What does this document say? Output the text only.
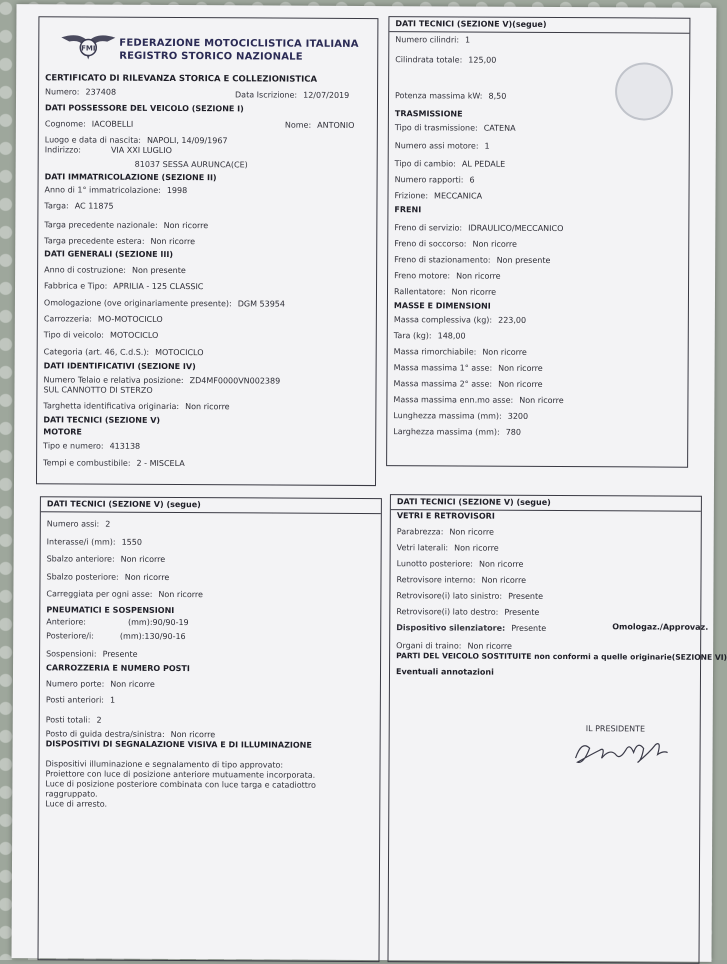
FMI FEDERAZIONE MOTOCICLISTICA ITALIANA
REGISTRO STORICO NAZIONALE
CERTIFICATO DI RILEVANZA STORICA E COLLEZIONISTICA
Numero: 237408	Data Iscrizione: 12/07/2019
DATI POSSESSORE DEL VEICOLO (SEZIONE I)
Cognome: IACOBELLI	Nome: ANTONIO
Luogo e data di nascita: NAPOLI, 14/09/1967
Indirizzo:	VIA XXI LUGLIO
81037 SESSA AURUNCA(CE)
DATI IMMATRICOLAZIONE (SEZIONE II)
Anno di 1° immatricolazione: 1998
Targa: AC 11875
Targa precedente nazionale: Non ricorre
Targa precedente estera: Non ricorre
DATI GENERALI (SEZIONE III)
Anno di costruzione: Non presente
Fabbrica e Tipo: APRILIA - 125 CLASSIC
Omologazione (ove originariamente presente): DGM 53954
Carrozzeria: MO-MOTOCICLO
Tipo di veicolo: MOTOCICLO
Categoria (art. 46, C.d.S.): MOTOCICLO
DATI IDENTIFICATIVI (SEZIONE IV)
Numero Telaio e relativa posizione: ZD4MF0000VN002389
SUL CANNOTTO DI STERZO
Targhetta identificativa originaria: Non ricorre
DATI TECNICI (SEZIONE V)
MOTORE
Tipo e numero: 413138
Tempi e combustibile: 2 - MISCELA
DATI TECNICI (SEZIONE V)(segue)
Numero cilindri: 1
Cilindrata totale: 125,00
Potenza massima kW: 8,50
TRASMISSIONE
Tipo di trasmissione: CATENA
Numero assi motore: 1
Tipo di cambio: AL PEDALE
Numero rapporti: 6
Frizione: MECCANICA
FRENI
Freno di servizio: IDRAULICO/MECCANICO
Freno di soccorso: Non ricorre
Freno di stazionamento: Non presente
Freno motore: Non ricorre
Rallentatore: Non ricorre
MASSE E DIMENSIONI
Massa complessiva (kg): 223,00
Tara (kg): 148,00
Massa rimorchiabile: Non ricorre
Massa massima 1° asse: Non ricorre
Massa massima 2° asse: Non ricorre
Massa massima enn.mo asse: Non ricorre
Lunghezza massima (mm): 3200
Larghezza massima (mm): 780
DATI TECNICI (SEZIONE V) (segue)
Numero assi: 2
Interasse/i (mm): 1550
Sbalzo anteriore: Non ricorre
Sbalzo posteriore: Non ricorre
Carreggiata per ogni asse: Non ricorre
PNEUMATICI E SOSPENSIONI
Anteriore:	(mm):90/90-19
Posteriore/i:	(mm):130/90-16
Sospensioni: Presente
CARROZZERIA E NUMERO POSTI
Numero porte: Non ricorre
Posti anteriori: 1
Posti totali: 2
Posto di guida destra/sinistra: Non ricorre
DISPOSITIVI DI SEGNALAZIONE VISIVA E DI ILLUMINAZIONE
Dispositivi illuminazione e segnalamento di tipo approvato:
Proiettore con luce di posizione anteriore mutuamente incorporata.
Luce di posizione posteriore combinata con luce targa e catadiottro
raggruppato.
Luce di arresto.
DATI TECNICI (SEZIONE V) (segue)
VETRI E RETROVISORI
Parabrezza: Non ricorre
Vetri laterali: Non ricorre
Lunotto posteriore: Non ricorre
Retrovisore interno: Non ricorre
Retrovisore(i) lato sinistro: Presente
Retrovisore(i) lato destro: Presente
Dispositivo silenziatore: Presente	Omologaz./Approvaz.
Organi di traino: Non ricorre
PARTI DEL VEICOLO SOSTITUITE non conformi a quelle originarie(SEZIONE VI)
Eventuali annotazioni
IL PRESIDENTE
